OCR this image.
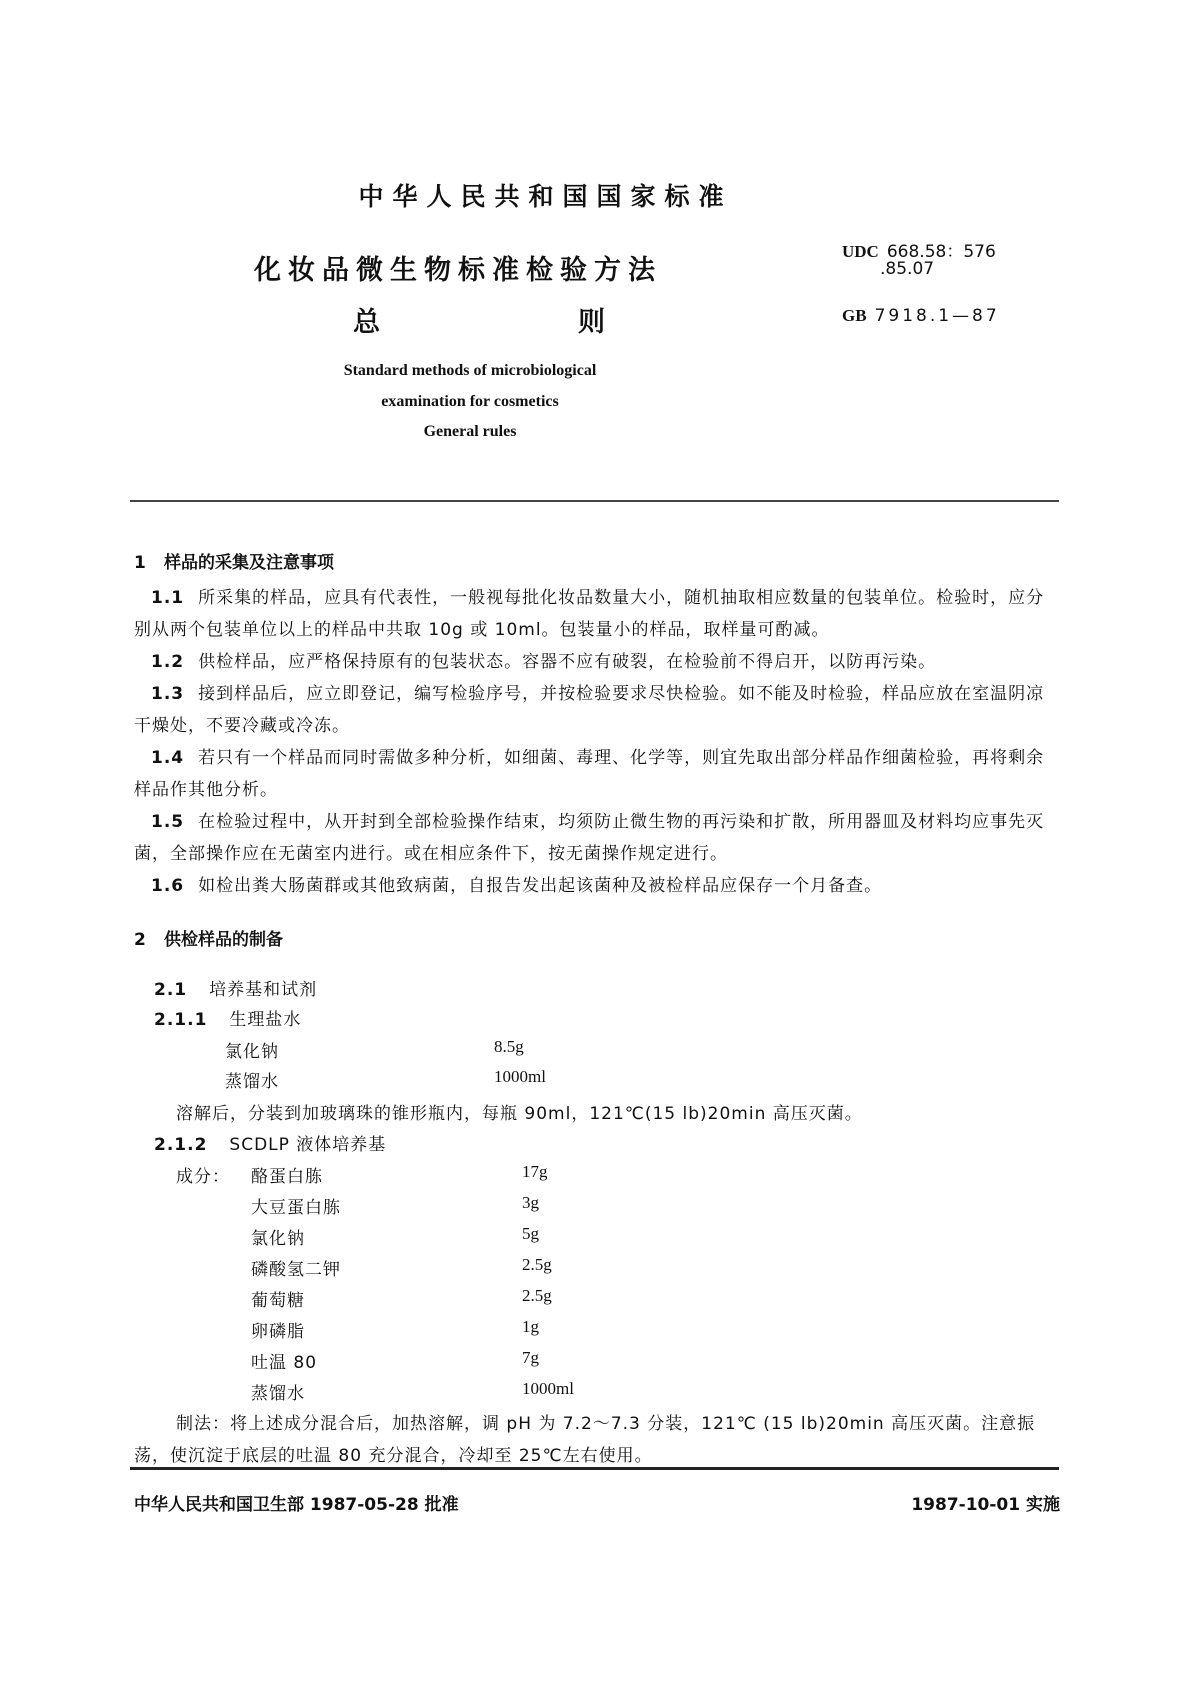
中华人民共和国国家标准
化妆品微生物标准检验方法
总	则
UDC 668.58：576
.85.07
GB 7918.1—87
Standard methods of microbiological
examination for cosmetics
General rules
1 样品的采集及注意事项
1.1 所采集的样品，应具有代表性，一般视每批化妆品数量大小，随机抽取相应数量的包装单位。检验时，应分别从两个包装单位以上的样品中共取 10g 或 10ml。包装量小的样品，取样量可酌减。
1.2 供检样品，应严格保持原有的包装状态。容器不应有破裂，在检验前不得启开，以防再污染。
1.3 接到样品后，应立即登记，编写检验序号，并按检验要求尽快检验。如不能及时检验，样品应放在室温阴凉干燥处，不要冷藏或冷冻。
1.4 若只有一个样品而同时需做多种分析，如细菌、毒理、化学等，则宜先取出部分样品作细菌检验，再将剩余样品作其他分析。
1.5 在检验过程中，从开封到全部检验操作结束，均须防止微生物的再污染和扩散，所用器皿及材料均应事先灭菌，全部操作应在无菌室内进行。或在相应条件下，按无菌操作规定进行。
1.6 如检出粪大肠菌群或其他致病菌，自报告发出起该菌种及被检样品应保存一个月备查。
2 供检样品的制备
2.1 培养基和试剂
2.1.1 生理盐水
氯化钠	8.5g
蒸馏水	1000ml
溶解后，分装到加玻璃珠的锥形瓶内，每瓶 90ml，121℃(15 lb)20min 高压灭菌。
2.1.2 SCDLP 液体培养基
成分： 酪蛋白胨	17g
大豆蛋白胨	3g
氯化钠	5g
磷酸氢二钾	2.5g
葡萄糖	2.5g
卵磷脂	1g
吐温 80	7g
蒸馏水	1000ml
制法：将上述成分混合后，加热溶解，调 pH 为 7.2～7.3 分装，121℃ (15 lb)20min 高压灭菌。注意振荡，使沉淀于底层的吐温 80 充分混合，冷却至 25℃左右使用。
中华人民共和国卫生部 1987-05-28 批准	1987-10-01 实施
